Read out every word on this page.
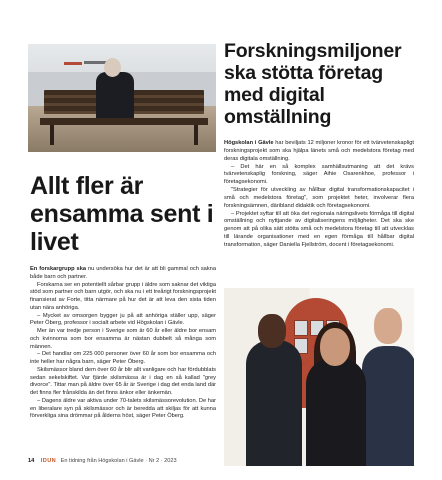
Allt fler är ensamma sent i livet

En forskargrupp ska nu undersöka hur det är att bli gammal och sakna både barn och partner.

Forskarna ser en potentiellt sårbar grupp i äldre som saknar det viktiga stöd som partner och barn utgör, och ska nu i ett treårigt forskningsprojekt finansierat av Forte, titta närmare på hur det är att leva den sista tiden utan nära anhöriga.

– Mycket av omsorgen bygger ju på att anhöriga ställer upp, säger Peter Öberg, professor i socialt arbete vid Högskolan i Gävle.

Mer än var tredje person i Sverige som är 60 år eller äldre bor ensam och kvinnorna som bor ensamma är nästan dubbelt så många som männen.

– Det handlar om 225 000 personer över 60 år som bor ensamma och inte heller har några barn, säger Peter Öberg.

Skilsmässor bland dem över 60 år blir allt vanligare och har fördubblats sedan sekelskiftet. Var fjärde skilsmässa är i dag en så kallad "grey divorce". Tittar man på äldre över 65 år är Sverige i dag det enda land där det finns fler frånskilda än det finns änkor eller änkemän.

– Dagens äldre var aktiva under 70-talets skilsmässorevolution. De har en liberalare syn på skilsmässor och är beredda att skiljas för att kunna förverkliga sina drömmar på ålderns höst, säger Peter Öberg.

Forskningsmiljoner ska stötta företag med digital omställning

Högskolan i Gävle har beviljats 12 miljoner kronor för ett tvärvetenskapligt forskningsprojekt som ska hjälpa länets små och medelstora företag med deras digitala omställning.

– Det här en så komplex samhällsutmaning att det krävs tvärvetenskaplig forskning, säger Aihie Osarenkhoe, professor i företagsekonomi.

"Strategier för utveckling av hållbar digital transformationskapacitet i små och medelstora företag", som projektet heter, involverar flera forskningsämnen, däribland didaktik och företagsekonomi.

– Projektet syftar till att öka det regionala näringslivets förmåga till digital omställning och nyttjande av digitaliseringens möjligheter. Det ska ske genom att på olika sätt stötta små och medelstora företag till att utvecklas till lärande organisationer med en egen förmåga till hållbar digital transformation, säger Daniella Fjellström, docent i företagsekonomi.

14 IDUN En tidning från Högskolan i Gävle · Nr 2 · 2023
